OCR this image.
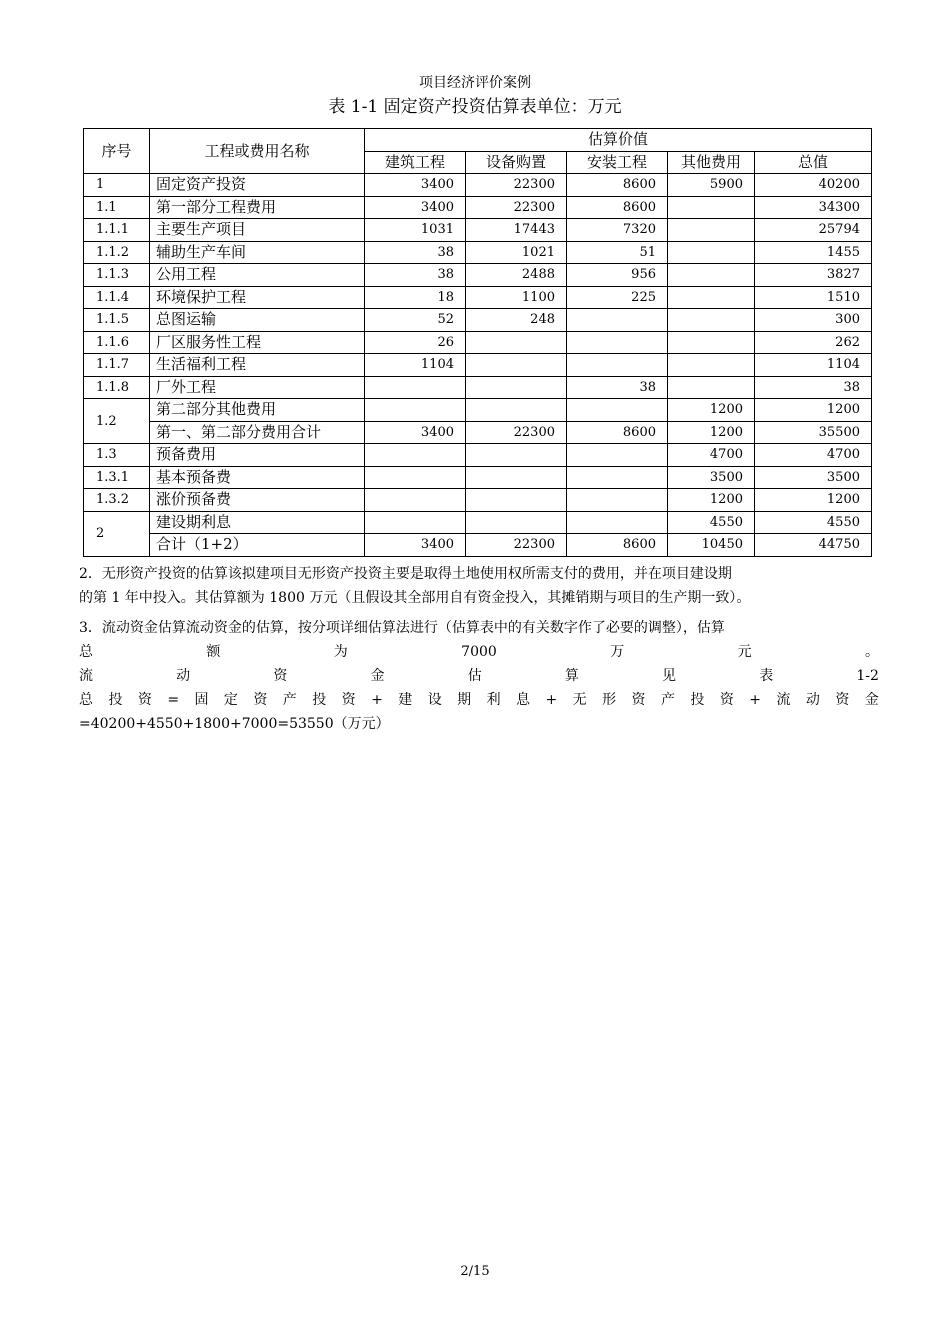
项目经济评价案例
表 1-1 固定资产投资估算表单位：万元
序号	工程或费用名称	估算价值				
		建筑工程	设备购置	安装工程	其他费用	总值
1	固定资产投资	3400	22300	8600	5900	40200
1.1	第一部分工程费用	3400	22300	8600		34300
1.1.1	主要生产项目	1031	17443	7320		25794
1.1.2	辅助生产车间	38	1021	51		1455
1.1.3	公用工程	38	2488	956		3827
1.1.4	环境保护工程	18	1100	225		1510
1.1.5	总图运输	52	248			300
1.1.6	厂区服务性工程	26				262
1.1.7	生活福利工程	1104				1104
1.1.8	厂外工程			38		38
1.2	第二部分其他费用				1200	1200
	第一、第二部分费用合计	3400	22300	8600	1200	35500
1.3	预备费用				4700	4700
1.3.1	基本预备费				3500	3500
1.3.2	涨价预备费				1200	1200
2	建设期利息				4550	4550
	合计（1+2）	3400	22300	8600	10450	44750
2．无形资产投资的估算该拟建项目无形资产投资主要是取得土地使用权所需支付的费用，并在项目建设期
的第 1 年中投入。其估算额为 1800 万元（且假设其全部用自有资金投入，其摊销期与项目的生产期一致）。
3．流动资金估算流动资金的估算，按分项详细估算法进行（估算表中的有关数字作了必要的调整），估算
总	额	为	7000	万	元	。
流	动	资	金	估	算	见	表	1-2
总 投 资 = 固 定 资 产 投 资 + 建 设 期 利 息 + 无 形 资 产 投 资 + 流 动 资 金
=40200+4550+1800+7000=53550（万元）
2/15
